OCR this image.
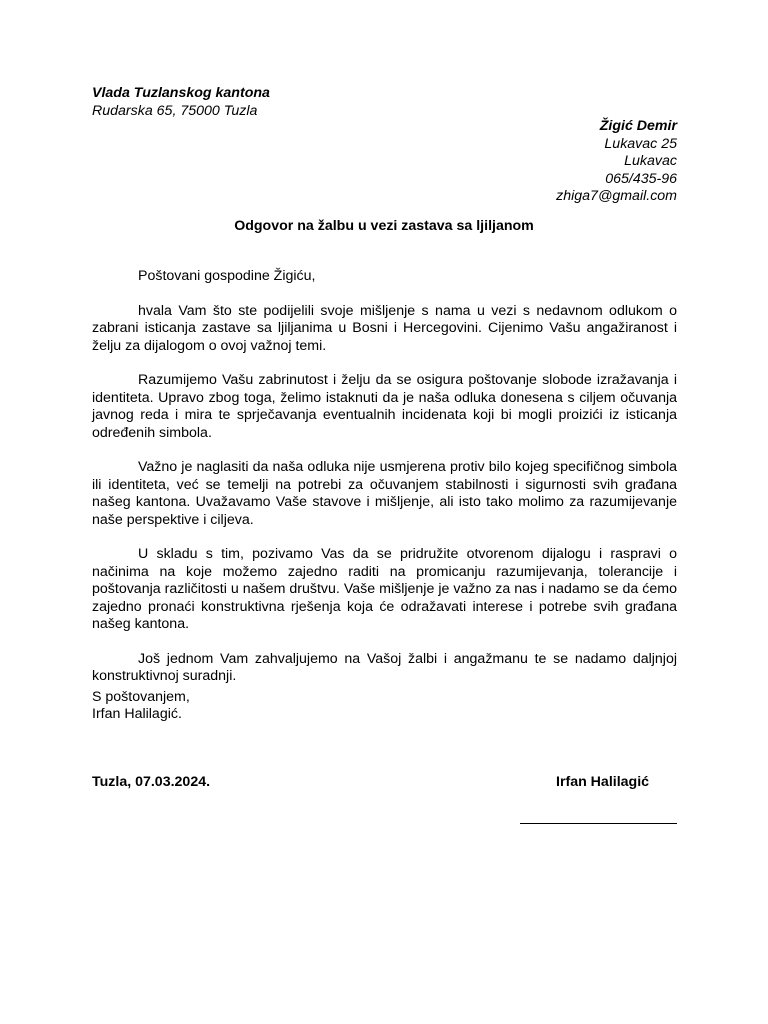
Vlada Tuzlanskog kantona
Rudarska 65, 75000 Tuzla
Žigić Demir
Lukavac 25
Lukavac
065/435-96
zhiga7@gmail.com
Odgovor na žalbu u vezi zastava sa ljiljanom

Poštovani gospodine Žigiću,

hvala Vam što ste podijelili svoje mišljenje s nama u vezi s nedavnom odlukom o zabrani isticanja zastave sa ljiljanima u Bosni i Hercegovini. Cijenimo Vašu angažiranost i želju za dijalogom o ovoj važnoj temi.

Razumijemo Vašu zabrinutost i želju da se osigura poštovanje slobode izražavanja i identiteta. Upravo zbog toga, želimo istaknuti da je naša odluka donesena s ciljem očuvanja javnog reda i mira te sprječavanja eventualnih incidenata koji bi mogli proizići iz isticanja određenih simbola.

Važno je naglasiti da naša odluka nije usmjerena protiv bilo kojeg specifičnog simbola ili identiteta, već se temelji na potrebi za očuvanjem stabilnosti i sigurnosti svih građana našeg kantona. Uvažavamo Vaše stavove i mišljenje, ali isto tako molimo za razumijevanje naše perspektive i ciljeva.

U skladu s tim, pozivamo Vas da se pridružite otvorenom dijalogu i raspravi o načinima na koje možemo zajedno raditi na promicanju razumijevanja, tolerancije i poštovanja različitosti u našem društvu. Vaše mišljenje je važno za nas i nadamo se da ćemo zajedno pronaći konstruktivna rješenja koja će odražavati interese i potrebe svih građana našeg kantona.

Još jednom Vam zahvaljujemo na Vašoj žalbi i angažmanu te se nadamo daljnjoj konstruktivnoj suradnji.

S poštovanjem,
Irfan Halilagić.
Tuzla, 07.03.2024.	Irfan Halilagić
